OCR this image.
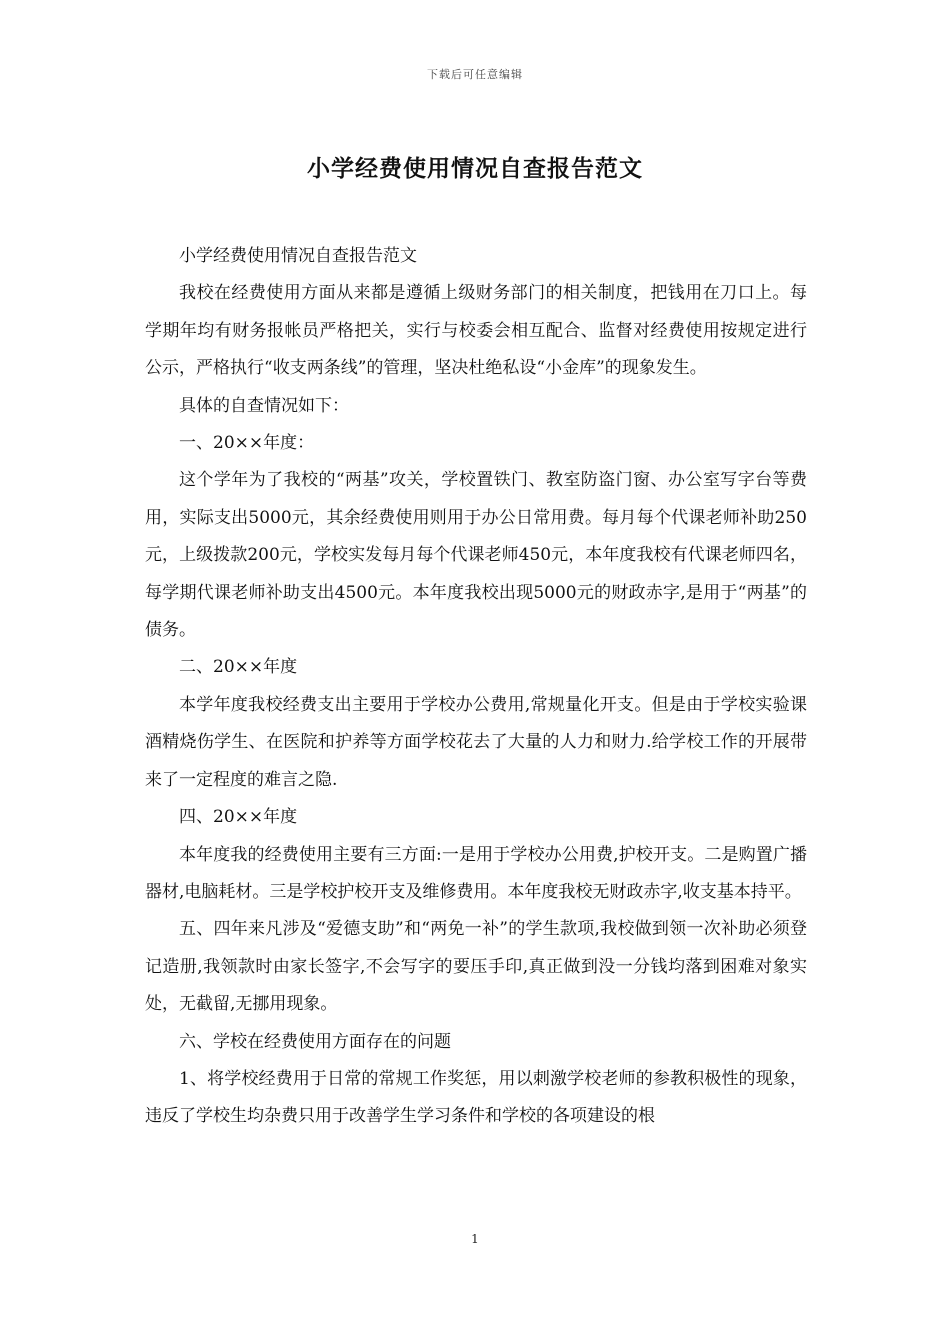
下载后可任意编辑
小学经费使用情况自查报告范文

小学经费使用情况自查报告范文

我校在经费使用方面从来都是遵循上级财务部门的相关制度，把钱用在刀口上。每学期年均有财务报帐员严格把关，实行与校委会相互配合、监督对经费使用按规定进行公示，严格执行“收支两条线”的管理，坚决杜绝私设“小金库”的现象发生。

具体的自查情况如下：

一、20××年度：

这个学年为了我校的“两基”攻关，学校置铁门、教室防盗门窗、办公室写字台等费用，实际支出5000元，其余经费使用则用于办公日常用费。每月每个代课老师补助250元，上级拨款200元，学校实发每月每个代课老师450元，本年度我校有代课老师四名，每学期代课老师补助支出4500元。本年度我校出现5000元的财政赤字,是用于“两基”的债务。

二、20××年度

本学年度我校经费支出主要用于学校办公费用,常规量化开支。但是由于学校实验课酒精烧伤学生、在医院和护养等方面学校花去了大量的人力和财力.给学校工作的开展带来了一定程度的难言之隐.

四、20××年度

本年度我的经费使用主要有三方面:一是用于学校办公用费,护校开支。二是购置广播器材,电脑耗材。三是学校护校开支及维修费用。本年度我校无财政赤字,收支基本持平。

五、四年来凡涉及“爱德支助”和“两免一补”的学生款项,我校做到领一次补助必须登记造册,我领款时由家长签字,不会写字的要压手印,真正做到没一分钱均落到困难对象实处，无截留,无挪用现象。

六、学校在经费使用方面存在的问题

1、将学校经费用于日常的常规工作奖惩，用以刺激学校老师的参教积极性的现象，违反了学校生均杂费只用于改善学生学习条件和学校的各项建设的根

1
